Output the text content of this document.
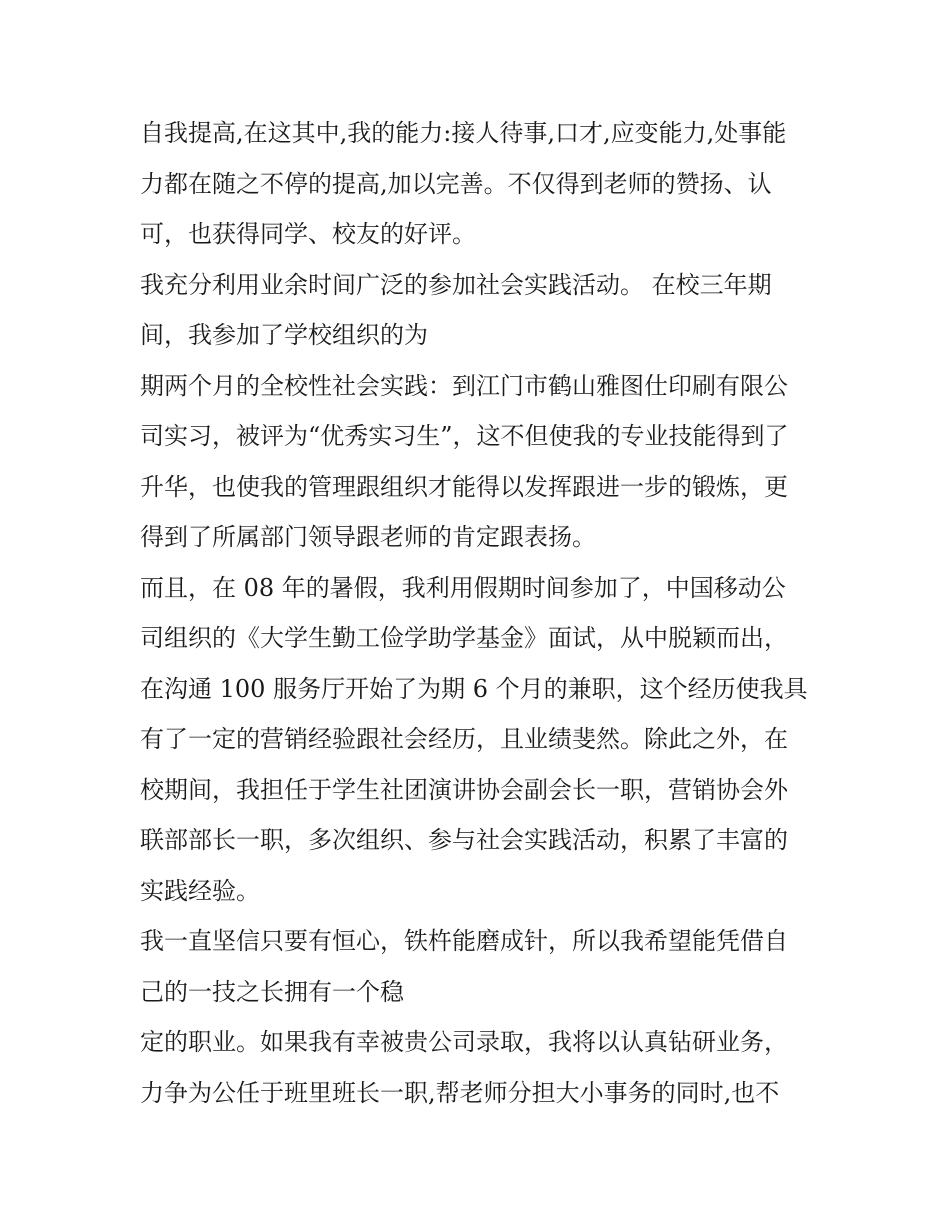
自我提高,在这其中,我的能力:接人待事,口才,应变能力,处事能
力都在随之不停的提高,加以完善。不仅得到老师的赞扬、认
可，也获得同学、校友的好评。
我充分利用业余时间广泛的参加社会实践活动。 在校三年期
间，我参加了学校组织的为
期两个月的全校性社会实践：到江门市鹤山雅图仕印刷有限公
司实习，被评为“优秀实习生”，这不但使我的专业技能得到了
升华，也使我的管理跟组织才能得以发挥跟进一步的锻炼，更
得到了所属部门领导跟老师的肯定跟表扬。
而且，在 08 年的暑假，我利用假期时间参加了，中国移动公
司组织的《大学生勤工俭学助学基金》面试，从中脱颖而出，
在沟通 100 服务厅开始了为期 6 个月的兼职，这个经历使我具
有了一定的营销经验跟社会经历，且业绩斐然。除此之外，在
校期间，我担任于学生社团演讲协会副会长一职，营销协会外
联部部长一职，多次组织、参与社会实践活动，积累了丰富的
实践经验。
我一直坚信只要有恒心，铁杵能磨成针，所以我希望能凭借自
己的一技之长拥有一个稳
定的职业。如果我有幸被贵公司录取，我将以认真钻研业务，
力争为公任于班里班长一职,帮老师分担大小事务的同时,也不
